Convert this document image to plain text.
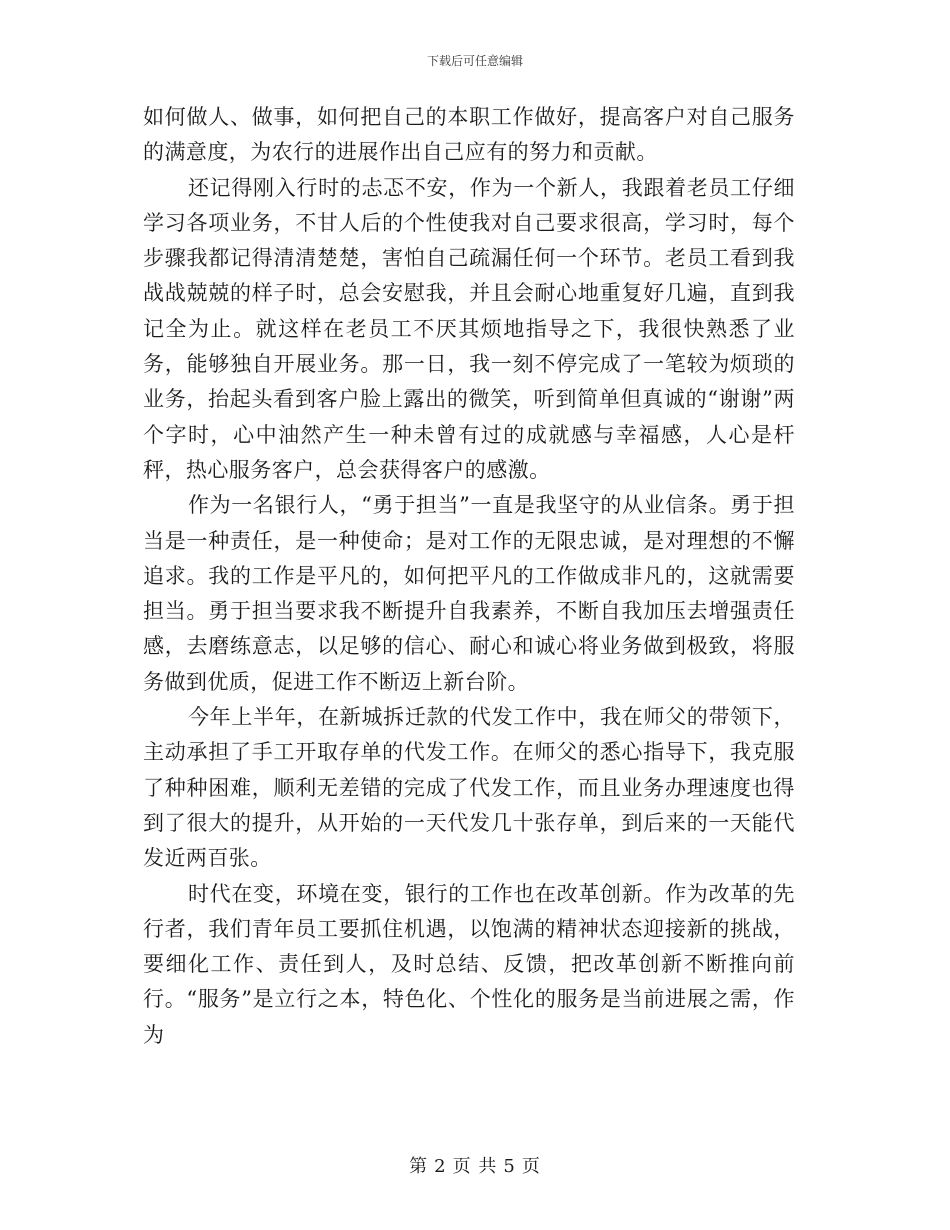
下载后可任意编辑

如何做人、做事，如何把自己的本职工作做好，提高客户对自己服务的满意度，为农行的进展作出自己应有的努力和贡献。

还记得刚入行时的忐忑不安，作为一个新人，我跟着老员工仔细学习各项业务，不甘人后的个性使我对自己要求很高，学习时，每个步骤我都记得清清楚楚，害怕自己疏漏任何一个环节。老员工看到我战战兢兢的样子时，总会安慰我，并且会耐心地重复好几遍，直到我记全为止。就这样在老员工不厌其烦地指导之下，我很快熟悉了业务，能够独自开展业务。那一日，我一刻不停完成了一笔较为烦琐的业务，抬起头看到客户脸上露出的微笑，听到简单但真诚的“谢谢”两个字时，心中油然产生一种未曾有过的成就感与幸福感，人心是杆秤，热心服务客户，总会获得客户的感激。

作为一名银行人，“勇于担当”一直是我坚守的从业信条。勇于担当是一种责任，是一种使命；是对工作的无限忠诚，是对理想的不懈追求。我的工作是平凡的，如何把平凡的工作做成非凡的，这就需要担当。勇于担当要求我不断提升自我素养，不断自我加压去增强责任感，去磨练意志，以足够的信心、耐心和诚心将业务做到极致，将服务做到优质，促进工作不断迈上新台阶。

今年上半年，在新城拆迁款的代发工作中，我在师父的带领下，主动承担了手工开取存单的代发工作。在师父的悉心指导下，我克服了种种困难，顺利无差错的完成了代发工作，而且业务办理速度也得到了很大的提升，从开始的一天代发几十张存单，到后来的一天能代发近两百张。

时代在变，环境在变，银行的工作也在改革创新。作为改革的先行者，我们青年员工要抓住机遇，以饱满的精神状态迎接新的挑战，要细化工作、责任到人，及时总结、反馈，把改革创新不断推向前行。“服务”是立行之本，特色化、个性化的服务是当前进展之需，作为

第 2 页 共 5 页
